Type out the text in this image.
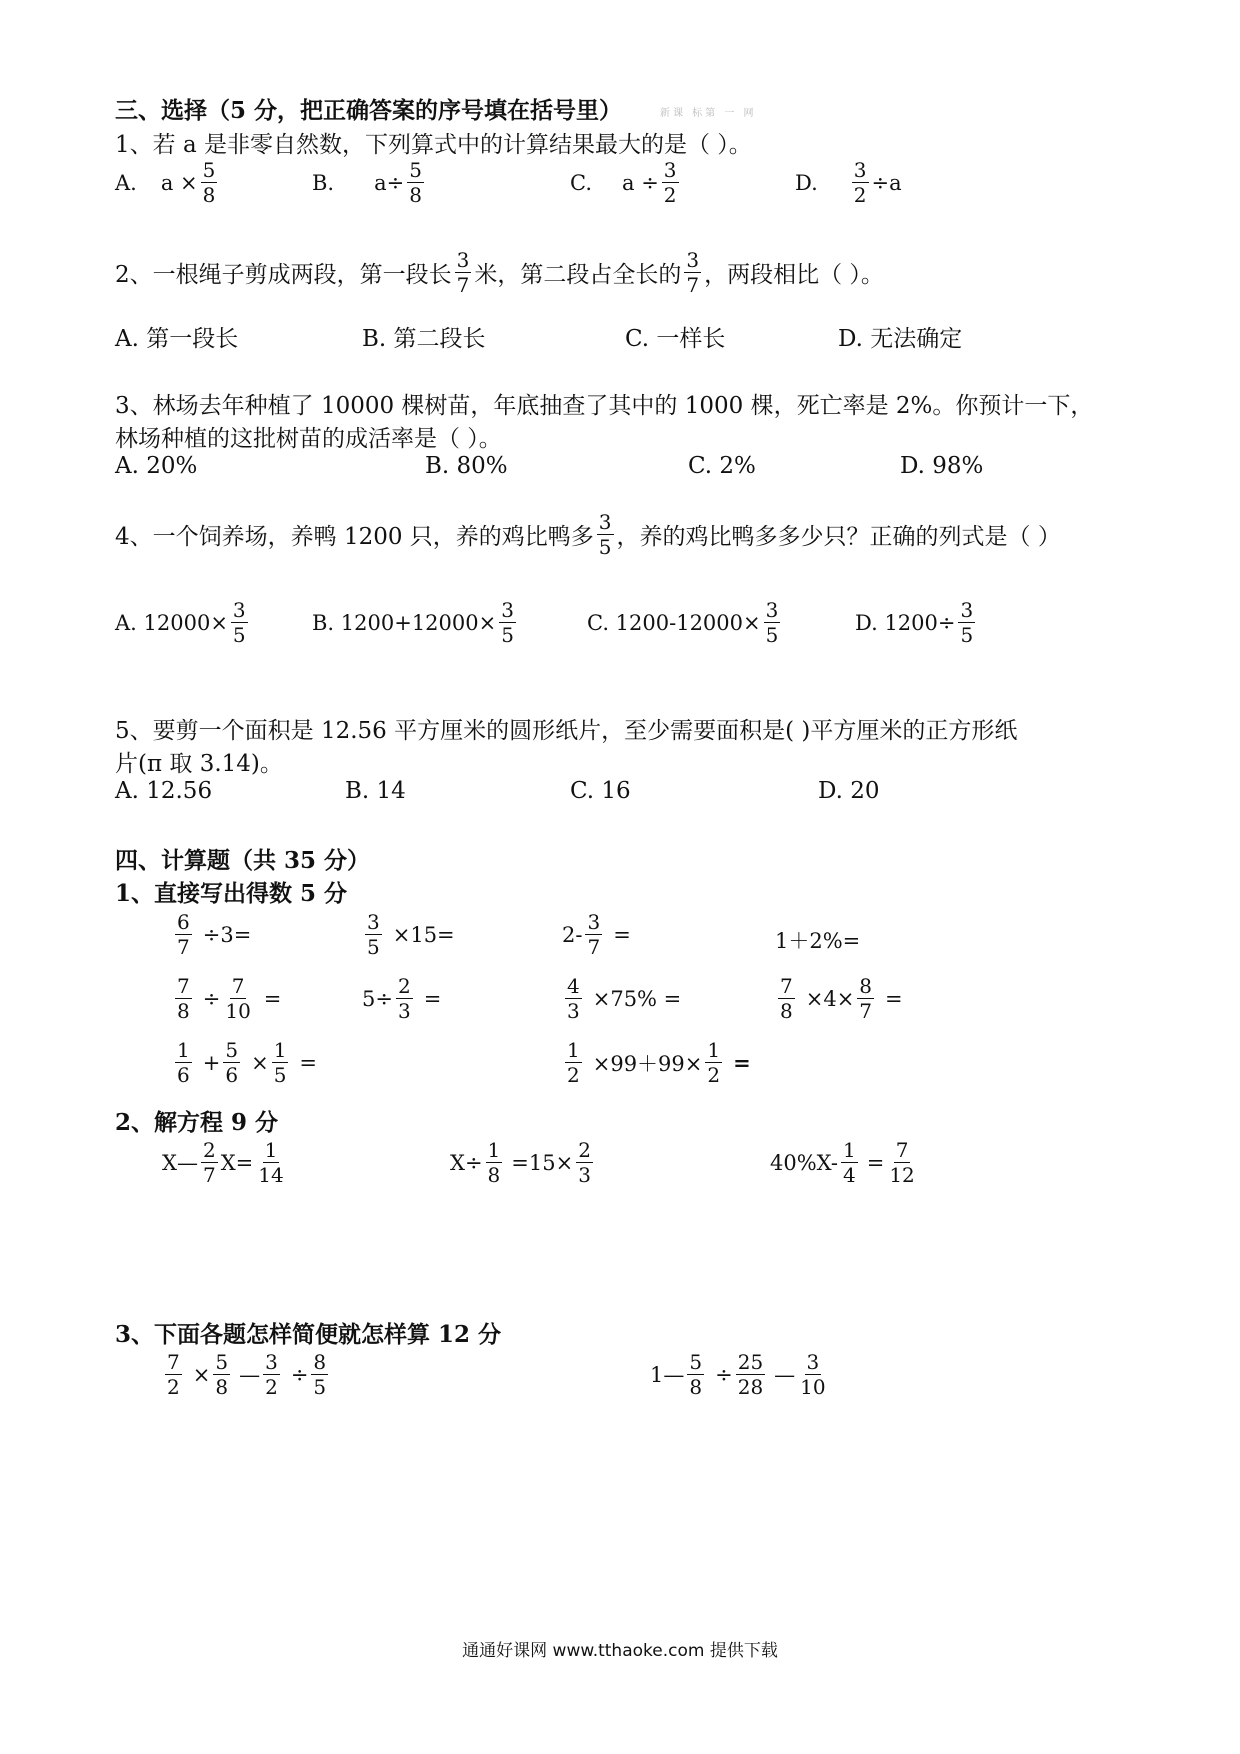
三、选择（5 分，把正确答案的序号填在括号里）	新课 标第 一 网
1、若 a 是非零自然数，下列算式中的计算结果最大的是（ ）。
A. $a \times \frac{5}{8}$	B. $a\div \frac{5}{8}$	C. $a \div \frac{3}{2}$	D. $\frac{3}{2} \div a$
2、一根绳子剪成两段，第一段长 $\frac{3}{7}$ 米，第二段占全长的 $\frac{3}{7}$ ，两段相比（ ）。
A. 第一段长	B. 第二段长	C. 一样长	D. 无法确定
3、林场去年种植了 10000 棵树苗，年底抽查了其中的 1000 棵，死亡率是 2%。你预计一下，
林场种植的这批树苗的成活率是（ ）。
A. 20%	B. 80%	C. 2%	D. 98%
4、一个饲养场，养鸭 1200 只，养的鸡比鸭多 $\frac{3}{5}$ ，养的鸡比鸭多多少只？正确的列式是（ ）
A. $12000\times \frac{3}{5}$	B. $1200+12000\times \frac{3}{5}$	C. $1200-12000\times \frac{3}{5}$	D. $1200\div \frac{3}{5}$
5、要剪一个面积是 12.56 平方厘米的圆形纸片，至少需要面积是( )平方厘米的正方形纸
片(π 取 3.14)。
A. 12.56	B. 14	C. 16	D. 20
四、计算题（共 35 分）
1、直接写出得数 5 分
$\frac{6}{7} \div 3=$	$\frac{3}{5} \times 15=$	$2- \frac{3}{7}$ =	1＋2%=
$\frac{7}{8} \div \frac{7}{10}$ =	$5\div \frac{2}{3}$ =	$\frac{4}{3} \times 75\%$ =	$\frac{7}{8} \times 4\times \frac{8}{7}$ =
$\frac{1}{6} + \frac{5}{6} \times \frac{1}{5}$ =	$\frac{1}{2} \times 99+99\times \frac{1}{2}$ =
2、解方程 9 分
X— $\frac{2}{7} X= \frac{1}{14}$	$X\div \frac{1}{8} =15\times \frac{2}{3}$	$40\%X- \frac{1}{4} = \frac{7}{12}$
3、下面各题怎样简便就怎样算 12 分
$\frac{7}{2} \times \frac{5}{8}$ — $\frac{3}{2} \div \frac{8}{5}$	1— $\frac{5}{8} \div \frac{25}{28}$ — $\frac{3}{10}$
通通好课网 www.tthaoke.com 提供下载
